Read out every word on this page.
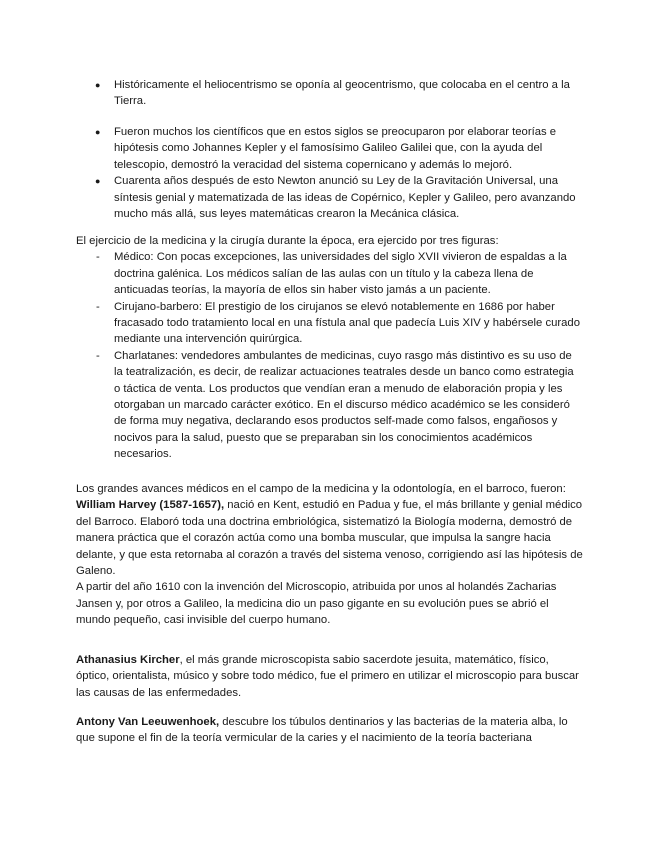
● Históricamente el heliocentrismo se oponía al geocentrismo, que colocaba en el centro a la Tierra.
● Fueron muchos los científicos que en estos siglos se preocuparon por elaborar teorías e hipótesis como Johannes Kepler y el famosísimo Galileo Galilei que, con la ayuda del telescopio, demostró la veracidad del sistema copernicano y además lo mejoró.
● Cuarenta años después de esto Newton anunció su Ley de la Gravitación Universal, una síntesis genial y matematizada de las ideas de Copérnico, Kepler y Galileo, pero avanzando mucho más allá, sus leyes matemáticas crearon la Mecánica clásica.

El ejercicio de la medicina y la cirugía durante la época, era ejercido por tres figuras:

- Médico: Con pocas excepciones, las universidades del siglo XVII vivieron de espaldas a la doctrina galénica. Los médicos salían de las aulas con un título y la cabeza llena de anticuadas teorías, la mayoría de ellos sin haber visto jamás a un paciente.
- Cirujano-barbero: El prestigio de los cirujanos se elevó notablemente en 1686 por haber fracasado todo tratamiento local en una fístula anal que padecía Luis XIV y habérsele curado mediante una intervención quirúrgica.
- Charlatanes: vendedores ambulantes de medicinas, cuyo rasgo más distintivo es su uso de la teatralización, es decir, de realizar actuaciones teatrales desde un banco como estrategia o táctica de venta. Los productos que vendían eran a menudo de elaboración propia y les otorgaban un marcado carácter exótico. En el discurso médico académico se les consideró de forma muy negativa, declarando esos productos self-made como falsos, engañosos y nocivos para la salud, puesto que se preparaban sin los conocimientos académicos necesarios.

Los grandes avances médicos en el campo de la medicina y la odontología, en el barroco, fueron:

William Harvey (1587-1657), nació en Kent, estudió en Padua y fue, el más brillante y genial médico del Barroco. Elaboró toda una doctrina embriológica, sistematizó la Biología moderna, demostró de manera práctica que el corazón actúa como una bomba muscular, que impulsa la sangre hacia delante, y que esta retornaba al corazón a través del sistema venoso, corrigiendo así las hipótesis de Galeno.

A partir del año 1610 con la invención del Microscopio, atribuida por unos al holandés Zacharias Jansen y, por otros a Galileo, la medicina dio un paso gigante en su evolución pues se abrió el mundo pequeño, casi invisible del cuerpo humano.

Athanasius Kircher, el más grande microscopista sabio sacerdote jesuita, matemático, físico, óptico, orientalista, músico y sobre todo médico, fue el primero en utilizar el microscopio para buscar las causas de las enfermedades.

Antony Van Leeuwenhoek, descubre los túbulos dentinarios y las bacterias de la materia alba, lo que supone el fin de la teoría vermicular de la caries y el nacimiento de la teoría bacteriana
